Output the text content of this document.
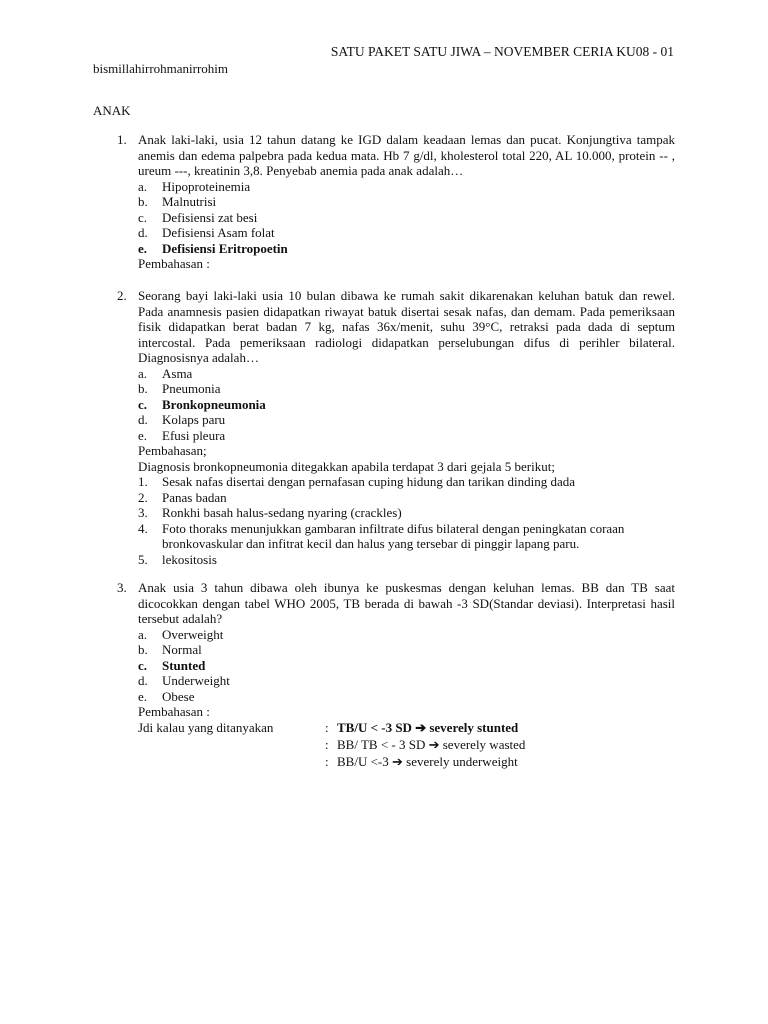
SATU PAKET SATU JIWA – NOVEMBER CERIA KU08 - 01
bismillahirrohmanirrohim
ANAK
1. Anak laki-laki, usia 12 tahun datang ke IGD dalam keadaan lemas dan pucat. Konjungtiva tampak anemis dan edema palpebra pada kedua mata. Hb 7 g/dl, kholesterol total 220, AL 10.000, protein -- , ureum ---, kreatinin 3,8. Penyebab anemia pada anak adalah…
a. Hipoproteinemia
b. Malnutrisi
c. Defisiensi zat besi
d. Defisiensi Asam folat
e. Defisiensi Eritropoetin
Pembahasan :
2. Seorang bayi laki-laki usia 10 bulan dibawa ke rumah sakit dikarenakan keluhan batuk dan rewel. Pada anamnesis pasien didapatkan riwayat batuk disertai sesak nafas, dan demam. Pada pemeriksaan fisik didapatkan berat badan 7 kg, nafas 36x/menit, suhu 39°C, retraksi pada dada di septum intercostal. Pada pemeriksaan radiologi didapatkan perselubungan difus di perihler bilateral. Diagnosisnya adalah…
a. Asma
b. Pneumonia
c. Bronkopneumonia
d. Kolaps paru
e. Efusi pleura
Pembahasan;
Diagnosis bronkopneumonia ditegakkan apabila terdapat 3 dari gejala 5 berikut;
1. Sesak nafas disertai dengan pernafasan cuping hidung dan tarikan dinding dada
2. Panas badan
3. Ronkhi basah halus-sedang nyaring (crackles)
4. Foto thoraks menunjukkan gambaran infiltrate difus bilateral dengan peningkatan coraan bronkovaskular dan infitrat kecil dan halus yang tersebar di pinggir lapang paru.
5. lekositosis
3. Anak usia 3 tahun dibawa oleh ibunya ke puskesmas dengan keluhan lemas. BB dan TB saat dicocokkan dengan tabel WHO 2005, TB berada di bawah -3 SD(Standar deviasi). Interpretasi hasil tersebut adalah?
a. Overweight
b. Normal
c. Stunted
d. Underweight
e. Obese
Pembahasan :
Jdi kalau yang ditanyakan	: TB/U < -3 SD ➔ severely stunted
: BB/ TB < - 3 SD ➔ severely wasted
: BB/U <-3 ➔ severely underweight
